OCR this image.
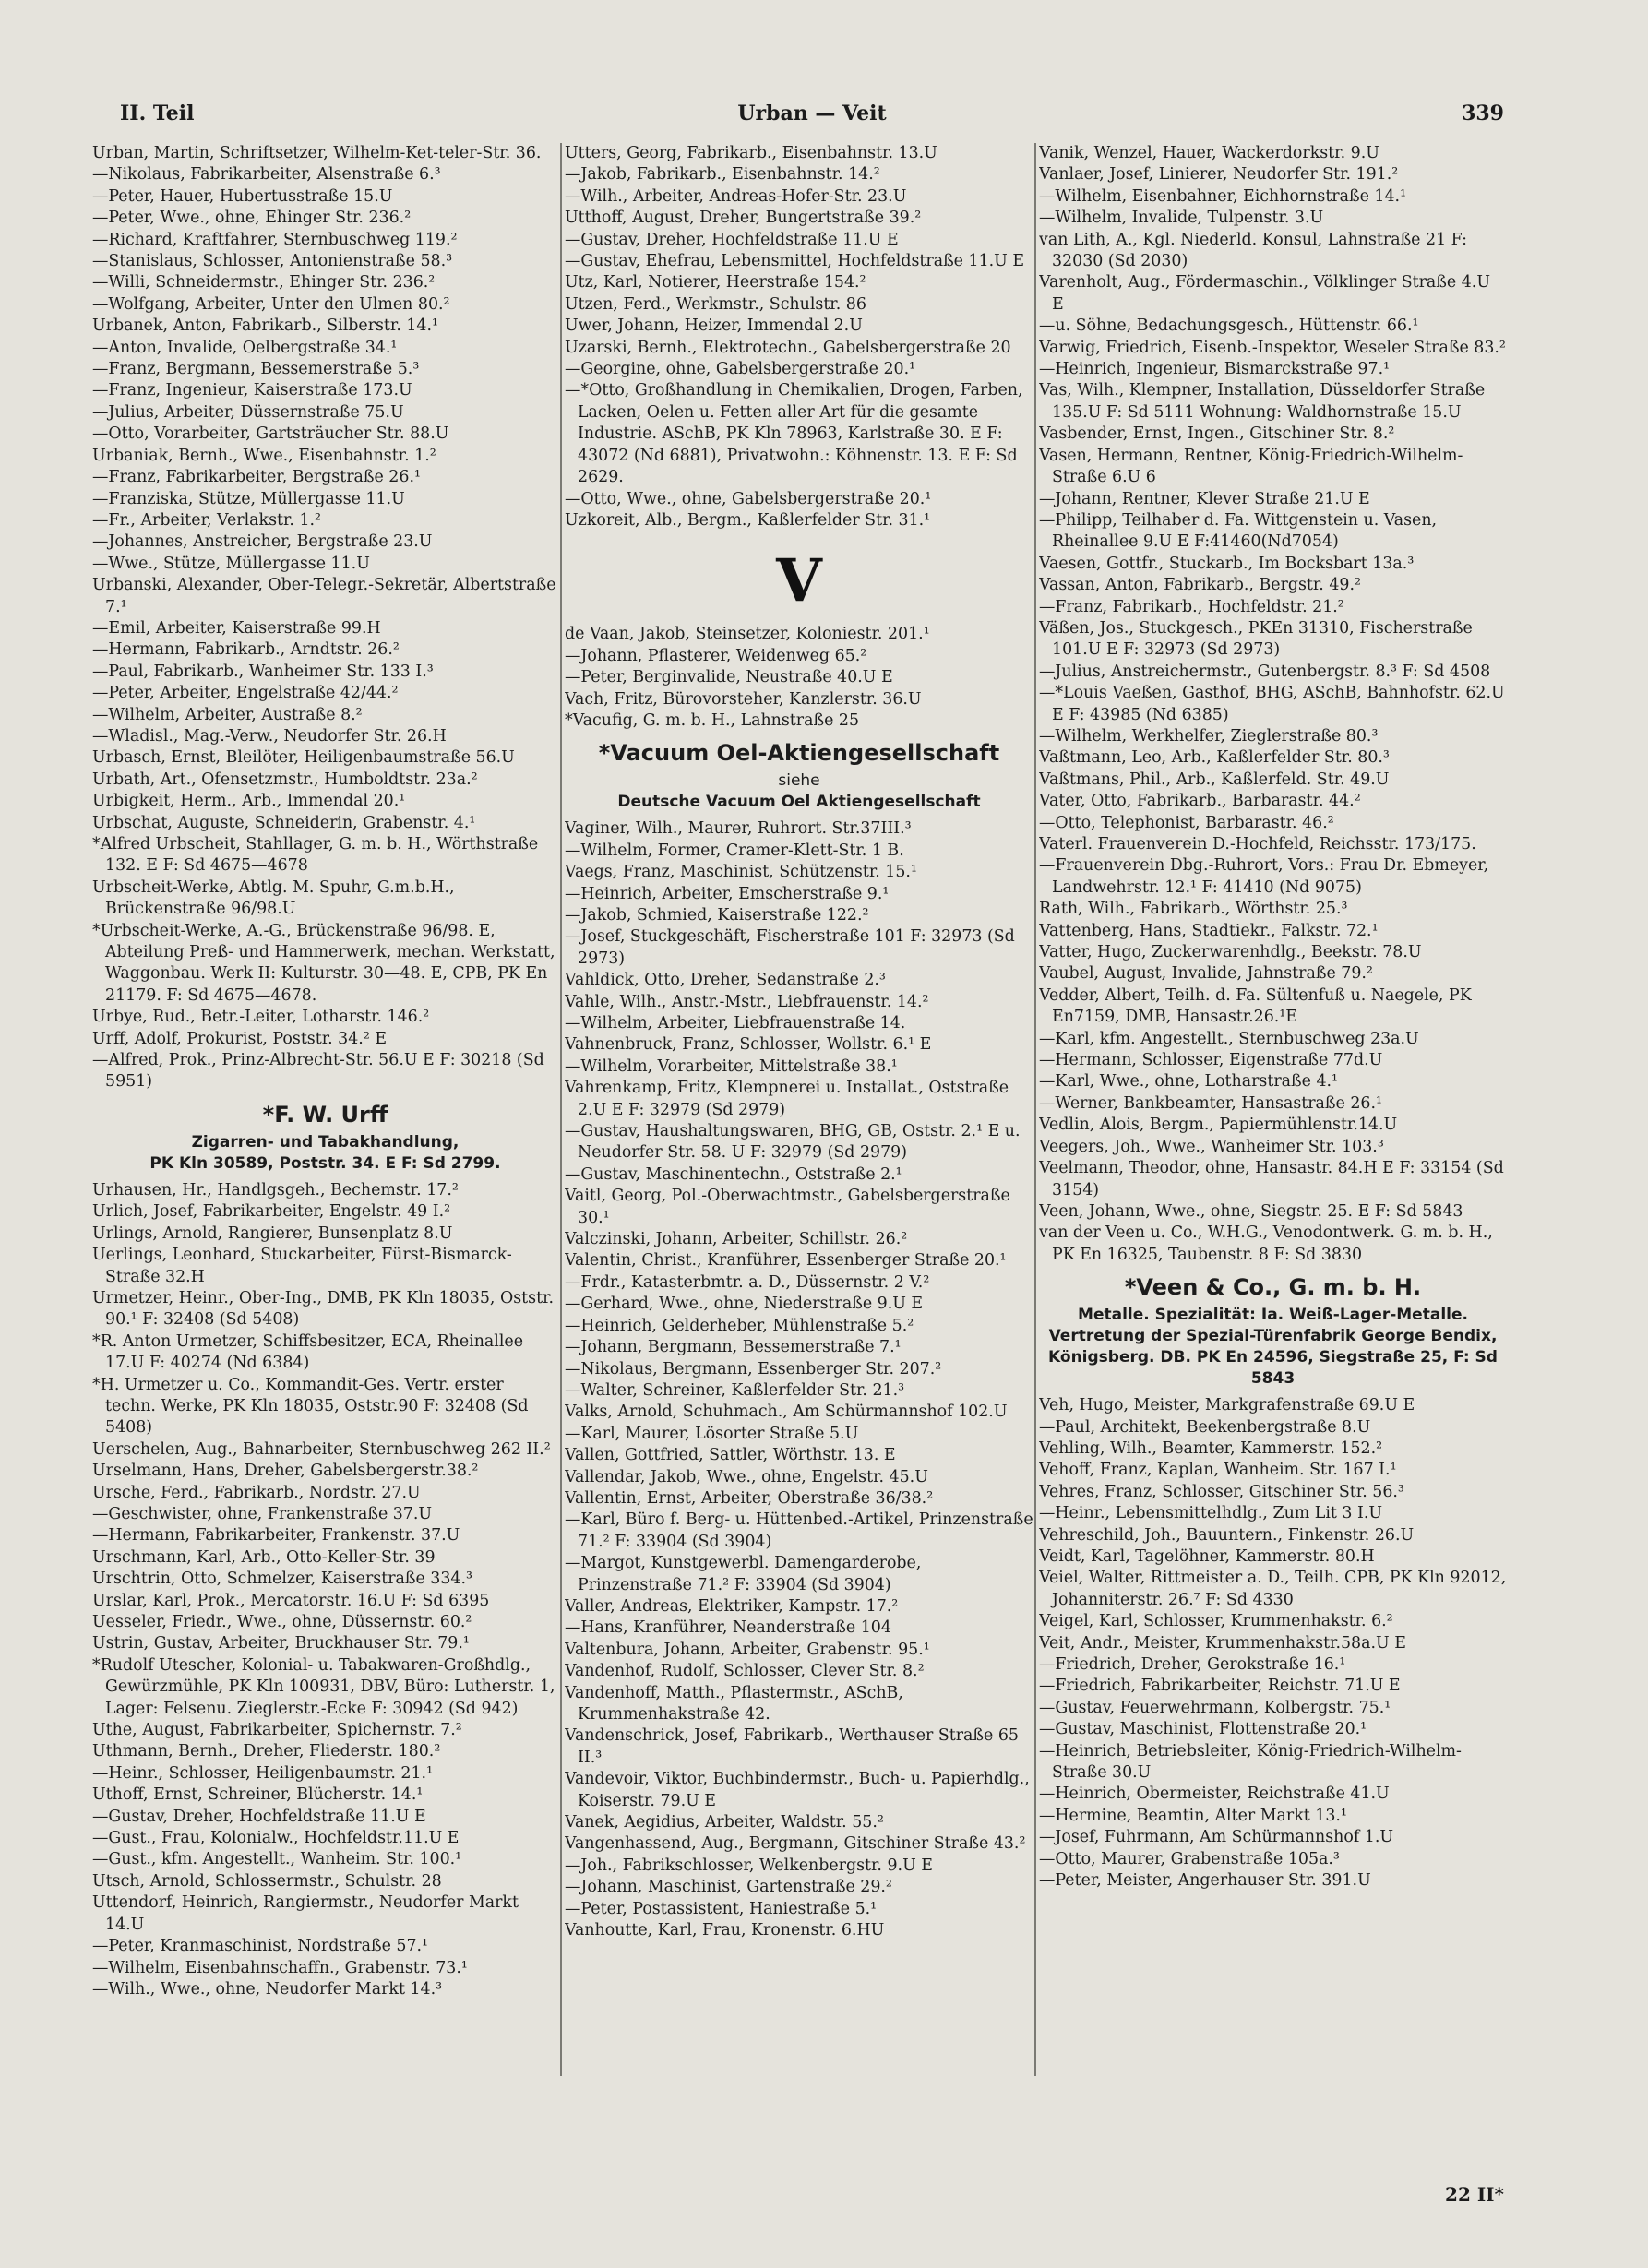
Urban — Veit
II. Teil	339
Urban, Martin, Schriftsetzer, Wilhelm-Ket-teler-Str. 36.
—Nikolaus, Fabrikarbeiter, Alsenstraße 6.³
—Peter, Hauer, Hubertusstraße 15.U
—Peter, Wwe., ohne, Ehinger Str. 236.²
—Richard, Kraftfahrer, Sternbuschweg 119.²
—Stanislaus, Schlosser, Antonienstraße 58.³
—Willi, Schneidermstr., Ehinger Str. 236.²
—Wolfgang, Arbeiter, Unter den Ulmen 80.²
Urbanek, Anton, Fabrikarb., Silberstr. 14.¹
—Anton, Invalide, Oelbergstraße 34.¹
—Franz, Bergmann, Bessemerstraße 5.³
—Franz, Ingenieur, Kaiserstraße 173.U
—Julius, Arbeiter, Düssernstraße 75.U
—Otto, Vorarbeiter, Gartsträucher Str. 88.U
Urbaniak, Bernh., Wwe., Eisenbahnstr. 1.²
—Franz, Fabrikarbeiter, Bergstraße 26.¹
—Franziska, Stütze, Müllergasse 11.U
—Fr., Arbeiter, Verlakstr. 1.²
—Johannes, Anstreicher, Bergstraße 23.U
—Wwe., Stütze, Müllergasse 11.U
Urbanski, Alexander, Ober-Telegr.-Sekretär, Albertstraße 7.¹
—Emil, Arbeiter, Kaiserstraße 99.H
—Hermann, Fabrikarb., Arndtstr. 26.²
—Paul, Fabrikarb., Wanheimer Str. 133 I.³
—Peter, Arbeiter, Engelstraße 42/44.²
—Wilhelm, Arbeiter, Austraße 8.²
—Wladisl., Mag.-Verw., Neudorfer Str. 26.H
Urbasch, Ernst, Bleilöter, Heiligenbaumstraße 56.U
Urbath, Art., Ofensetzmstr., Humboldtstr. 23a.²
Urbigkeit, Herm., Arb., Immendal 20.¹
Urbschat, Auguste, Schneiderin, Grabenstr. 4.¹
*Alfred Urbscheit, Stahllager, G. m. b. H., Wörthstraße 132. E F: Sd 4675—4678
Urbscheit-Werke, Abtlg. M. Spuhr, G.m.b.H., Brückenstraße 96/98.U
*Urbscheit-Werke, A.-G., Brückenstraße 96/98. E, Abteilung Preß- und Hammerwerk, mechan. Werkstatt, Waggonbau. Werk II: Kulturstr. 30—48. E, CPB, PK En 21179. F: Sd 4675—4678.
Urbye, Rud., Betr.-Leiter, Lotharstr. 146.²
Urff, Adolf, Prokurist, Poststr. 34.² E
—Alfred, Prok., Prinz-Albrecht-Str. 56.U E F: 30218 (Sd 5951)
*F. W. Urff
Zigarren- und Tabakhandlung,
PK Kln 30589, Poststr. 34. E F: Sd 2799.
Urhausen, Hr., Handlgsgeh., Bechemstr. 17.²
Urlich, Josef, Fabrikarbeiter, Engelstr. 49 I.²
Urlings, Arnold, Rangierer, Bunsenplatz 8.U
Uerlings, Leonhard, Stuckarbeiter, Fürst-Bismarck-Straße 32.H
Urmetzer, Heinr., Ober-Ing., DMB, PK Kln 18035, Oststr. 90.¹ F: 32408 (Sd 5408)
*R. Anton Urmetzer, Schiffsbesitzer, ECA, Rheinallee 17.U F: 40274 (Nd 6384)
*H. Urmetzer u. Co., Kommandit-Ges. Vertr. erster techn. Werke, PK Kln 18035, Oststr.90 F: 32408 (Sd 5408)
Uerschelen, Aug., Bahnarbeiter, Sternbuschweg 262 II.²
Urselmann, Hans, Dreher, Gabelsbergerstr.38.²
Ursche, Ferd., Fabrikarb., Nordstr. 27.U
—Geschwister, ohne, Frankenstraße 37.U
—Hermann, Fabrikarbeiter, Frankenstr. 37.U
Urschmann, Karl, Arb., Otto-Keller-Str. 39
Urschtrin, Otto, Schmelzer, Kaiserstraße 334.³
Urslar, Karl, Prok., Mercatorstr. 16.U F: Sd 6395
Uesseler, Friedr., Wwe., ohne, Düssernstr. 60.²
Ustrin, Gustav, Arbeiter, Bruckhauser Str. 79.¹
*Rudolf Utescher, Kolonial- u. Tabakwaren-Großhdlg., Gewürzmühle, PK Kln 100931, DBV, Büro: Lutherstr. 1, Lager: Felsenu. Zieglerstr.-Ecke F: 30942 (Sd 942)
Uthe, August, Fabrikarbeiter, Spichernstr. 7.²
Uthmann, Bernh., Dreher, Fliederstr. 180.²
—Heinr., Schlosser, Heiligenbaumstr. 21.¹
Uthoff, Ernst, Schreiner, Blücherstr. 14.¹
—Gustav, Dreher, Hochfeldstraße 11.U E
—Gust., Frau, Kolonialw., Hochfeldstr.11.U E
—Gust., kfm. Angestellt., Wanheim. Str. 100.¹
Utsch, Arnold, Schlossermstr., Schulstr. 28
Uttendorf, Heinrich, Rangiermstr., Neudorfer Markt 14.U
—Peter, Kranmaschinist, Nordstraße 57.¹
—Wilhelm, Eisenbahnschaffn., Grabenstr. 73.¹
—Wilh., Wwe., ohne, Neudorfer Markt 14.³
Utters, Georg, Fabrikarb., Eisenbahnstr. 13.U
—Jakob, Fabrikarb., Eisenbahnstr. 14.²
—Wilh., Arbeiter, Andreas-Hofer-Str. 23.U
Utthoff, August, Dreher, Bungertstraße 39.²
—Gustav, Dreher, Hochfeldstraße 11.U E
—Gustav, Ehefrau, Lebensmittel, Hochfeldstraße 11.U E
Utz, Karl, Notierer, Heerstraße 154.²
Utzen, Ferd., Werkmstr., Schulstr. 86
Uwer, Johann, Heizer, Immendal 2.U
Uzarski, Bernh., Elektrotechn., Gabelsbergerstraße 20
—Georgine, ohne, Gabelsbergerstraße 20.¹
—*Otto, Großhandlung in Chemikalien, Drogen, Farben, Lacken, Oelen u. Fetten aller Art für die gesamte Industrie. ASchB, PK Kln 78963, Karlstraße 30. E F: 43072 (Nd 6881), Privatwohn.: Köhnenstr. 13. E F: Sd 2629.
—Otto, Wwe., ohne, Gabelsbergerstraße 20.¹
Uzkoreit, Alb., Bergm., Kaßlerfelder Str. 31.¹
V
de Vaan, Jakob, Steinsetzer, Koloniestr. 201.¹
—Johann, Pflasterer, Weidenweg 65.²
—Peter, Berginvalide, Neustraße 40.U E
Vach, Fritz, Bürovorsteher, Kanzlerstr. 36.U
*Vacufig, G. m. b. H., Lahnstraße 25
*Vacuum Oel-Aktiengesellschaft
siehe
Deutsche Vacuum Oel Aktiengesellschaft
Vaginer, Wilh., Maurer, Ruhrort. Str.37III.³
—Wilhelm, Former, Cramer-Klett-Str. 1 B.
Vaegs, Franz, Maschinist, Schützenstr. 15.¹
—Heinrich, Arbeiter, Emscherstraße 9.¹
—Jakob, Schmied, Kaiserstraße 122.²
—Josef, Stuckgeschäft, Fischerstraße 101 F: 32973 (Sd 2973)
Vahldick, Otto, Dreher, Sedanstraße 2.³
Vahle, Wilh., Anstr.-Mstr., Liebfrauenstr. 14.²
—Wilhelm, Arbeiter, Liebfrauenstraße 14.
Vahnenbruck, Franz, Schlosser, Wollstr. 6.¹ E
—Wilhelm, Vorarbeiter, Mittelstraße 38.¹
Vahrenkamp, Fritz, Klempnerei u. Installat., Oststraße 2.U E F: 32979 (Sd 2979)
—Gustav, Haushaltungswaren, BHG, GB, Oststr. 2.¹ E u. Neudorfer Str. 58. U F: 32979 (Sd 2979)
—Gustav, Maschinentechn., Oststraße 2.¹
Vaitl, Georg, Pol.-Oberwachtmstr., Gabelsbergerstraße 30.¹
Valczinski, Johann, Arbeiter, Schillstr. 26.²
Valentin, Christ., Kranführer, Essenberger Straße 20.¹
—Frdr., Katasterbmtr. a. D., Düssernstr. 2 V.²
—Gerhard, Wwe., ohne, Niederstraße 9.U E
—Heinrich, Gelderheber, Mühlenstraße 5.²
—Johann, Bergmann, Bessemerstraße 7.¹
—Nikolaus, Bergmann, Essenberger Str. 207.²
—Walter, Schreiner, Kaßlerfelder Str. 21.³
Valks, Arnold, Schuhmach., Am Schürmannshof 102.U
—Karl, Maurer, Lösorter Straße 5.U
Vallen, Gottfried, Sattler, Wörthstr. 13. E
Vallendar, Jakob, Wwe., ohne, Engelstr. 45.U
Vallentin, Ernst, Arbeiter, Oberstraße 36/38.²
—Karl, Büro f. Berg- u. Hüttenbed.-Artikel, Prinzenstraße 71.² F: 33904 (Sd 3904)
—Margot, Kunstgewerbl. Damengarderobe, Prinzenstraße 71.² F: 33904 (Sd 3904)
Valler, Andreas, Elektriker, Kampstr. 17.²
—Hans, Kranführer, Neanderstraße 104
Valtenbura, Johann, Arbeiter, Grabenstr. 95.¹
Vandenhof, Rudolf, Schlosser, Clever Str. 8.²
Vandenhoff, Matth., Pflastermstr., ASchB, Krummenhakstraße 42.
Vandenschrick, Josef, Fabrikarb., Werthauser Straße 65 II.³
Vandevoir, Viktor, Buchbindermstr., Buch- u. Papierhdlg., Koiserstr. 79.U E
Vanek, Aegidius, Arbeiter, Waldstr. 55.²
Vangenhassend, Aug., Bergmann, Gitschiner Straße 43.²
—Joh., Fabrikschlosser, Welkenbergstr. 9.U E
—Johann, Maschinist, Gartenstraße 29.²
—Peter, Postassistent, Haniestraße 5.¹
Vanhoutte, Karl, Frau, Kronenstr. 6.HU
Vanik, Wenzel, Hauer, Wackerdorkstr. 9.U
Vanlaer, Josef, Linierer, Neudorfer Str. 191.²
—Wilhelm, Eisenbahner, Eichhornstraße 14.¹
—Wilhelm, Invalide, Tulpenstr. 3.U
van Lith, A., Kgl. Niederld. Konsul, Lahnstraße 21 F: 32030 (Sd 2030)
Varenholt, Aug., Fördermaschin., Völklinger Straße 4.U E
—u. Söhne, Bedachungsgesch., Hüttenstr. 66.¹
Varwig, Friedrich, Eisenb.-Inspektor, Weseler Straße 83.²
—Heinrich, Ingenieur, Bismarckstraße 97.¹
Vas, Wilh., Klempner, Installation, Düsseldorfer Straße 135.U F: Sd 5111 Wohnung: Waldhornstraße 15.U
Vasbender, Ernst, Ingen., Gitschiner Str. 8.²
Vasen, Hermann, Rentner, König-Friedrich-Wilhelm-Straße 6.U 6
—Johann, Rentner, Klever Straße 21.U E
—Philipp, Teilhaber d. Fa. Wittgenstein u. Vasen, Rheinallee 9.U E F:41460(Nd7054)
Vaesen, Gottfr., Stuckarb., Im Bocksbart 13a.³
Vassan, Anton, Fabrikarb., Bergstr. 49.²
—Franz, Fabrikarb., Hochfeldstr. 21.²
Väßen, Jos., Stuckgesch., PKEn 31310, Fischerstraße 101.U E F: 32973 (Sd 2973)
—Julius, Anstreichermstr., Gutenbergstr. 8.³ F: Sd 4508
—*Louis Vaeßen, Gasthof, BHG, ASchB, Bahnhofstr. 62.U E F: 43985 (Nd 6385)
—Wilhelm, Werkhelfer, Zieglerstraße 80.³
Vaßtmann, Leo, Arb., Kaßlerfelder Str. 80.³
Vaßtmans, Phil., Arb., Kaßlerfeld. Str. 49.U
Vater, Otto, Fabrikarb., Barbarastr. 44.²
—Otto, Telephonist, Barbarastr. 46.²
Vaterl. Frauenverein D.-Hochfeld, Reichsstr. 173/175.
—Frauenverein Dbg.-Ruhrort, Vors.: Frau Dr. Ebmeyer, Landwehrstr. 12.¹ F: 41410 (Nd 9075)
Rath, Wilh., Fabrikarb., Wörthstr. 25.³
Vattenberg, Hans, Stadtiekr., Falkstr. 72.¹
Vatter, Hugo, Zuckerwarenhdlg., Beekstr. 78.U
Vaubel, August, Invalide, Jahnstraße 79.²
Vedder, Albert, Teilh. d. Fa. Sültenfuß u. Naegele, PK En7159, DMB, Hansastr.26.¹E
—Karl, kfm. Angestellt., Sternbuschweg 23a.U
—Hermann, Schlosser, Eigenstraße 77d.U
—Karl, Wwe., ohne, Lotharstraße 4.¹
—Werner, Bankbeamter, Hansastraße 26.¹
Vedlin, Alois, Bergm., Papiermühlenstr.14.U
Veegers, Joh., Wwe., Wanheimer Str. 103.³
Veelmann, Theodor, ohne, Hansastr. 84.H E F: 33154 (Sd 3154)
Veen, Johann, Wwe., ohne, Siegstr. 25. E F: Sd 5843
van der Veen u. Co., W.H.G., Venodontwerk. G. m. b. H., PK En 16325, Taubenstr. 8 F: Sd 3830
*Veen & Co., G. m. b. H.
Metalle. Spezialität: Ia. Weiß-Lager-Metalle. Vertretung der Spezial-Türenfabrik George Bendix, Königsberg. DB. PK En 24596, Siegstraße 25, F: Sd 5843
Veh, Hugo, Meister, Markgrafenstraße 69.U E
—Paul, Architekt, Beekenbergstraße 8.U
Vehling, Wilh., Beamter, Kammerstr. 152.²
Vehoff, Franz, Kaplan, Wanheim. Str. 167 I.¹
Vehres, Franz, Schlosser, Gitschiner Str. 56.³
—Heinr., Lebensmittelhdlg., Zum Lit 3 I.U
Vehreschild, Joh., Bauuntern., Finkenstr. 26.U
Veidt, Karl, Tagelöhner, Kammerstr. 80.H
Veiel, Walter, Rittmeister a. D., Teilh. CPB, PK Kln 92012, Johanniterstr. 26.⁷ F: Sd 4330
Veigel, Karl, Schlosser, Krummenhakstr. 6.²
Veit, Andr., Meister, Krummenhakstr.58a.U E
—Friedrich, Dreher, Gerokstraße 16.¹
—Friedrich, Fabrikarbeiter, Reichstr. 71.U E
—Gustav, Feuerwehrmann, Kolbergstr. 75.¹
—Gustav, Maschinist, Flottenstraße 20.¹
—Heinrich, Betriebsleiter, König-Friedrich-Wilhelm-Straße 30.U
—Heinrich, Obermeister, Reichstraße 41.U
—Hermine, Beamtin, Alter Markt 13.¹
—Josef, Fuhrmann, Am Schürmannshof 1.U
—Otto, Maurer, Grabenstraße 105a.³
—Peter, Meister, Angerhauser Str. 391.U
22 II*
